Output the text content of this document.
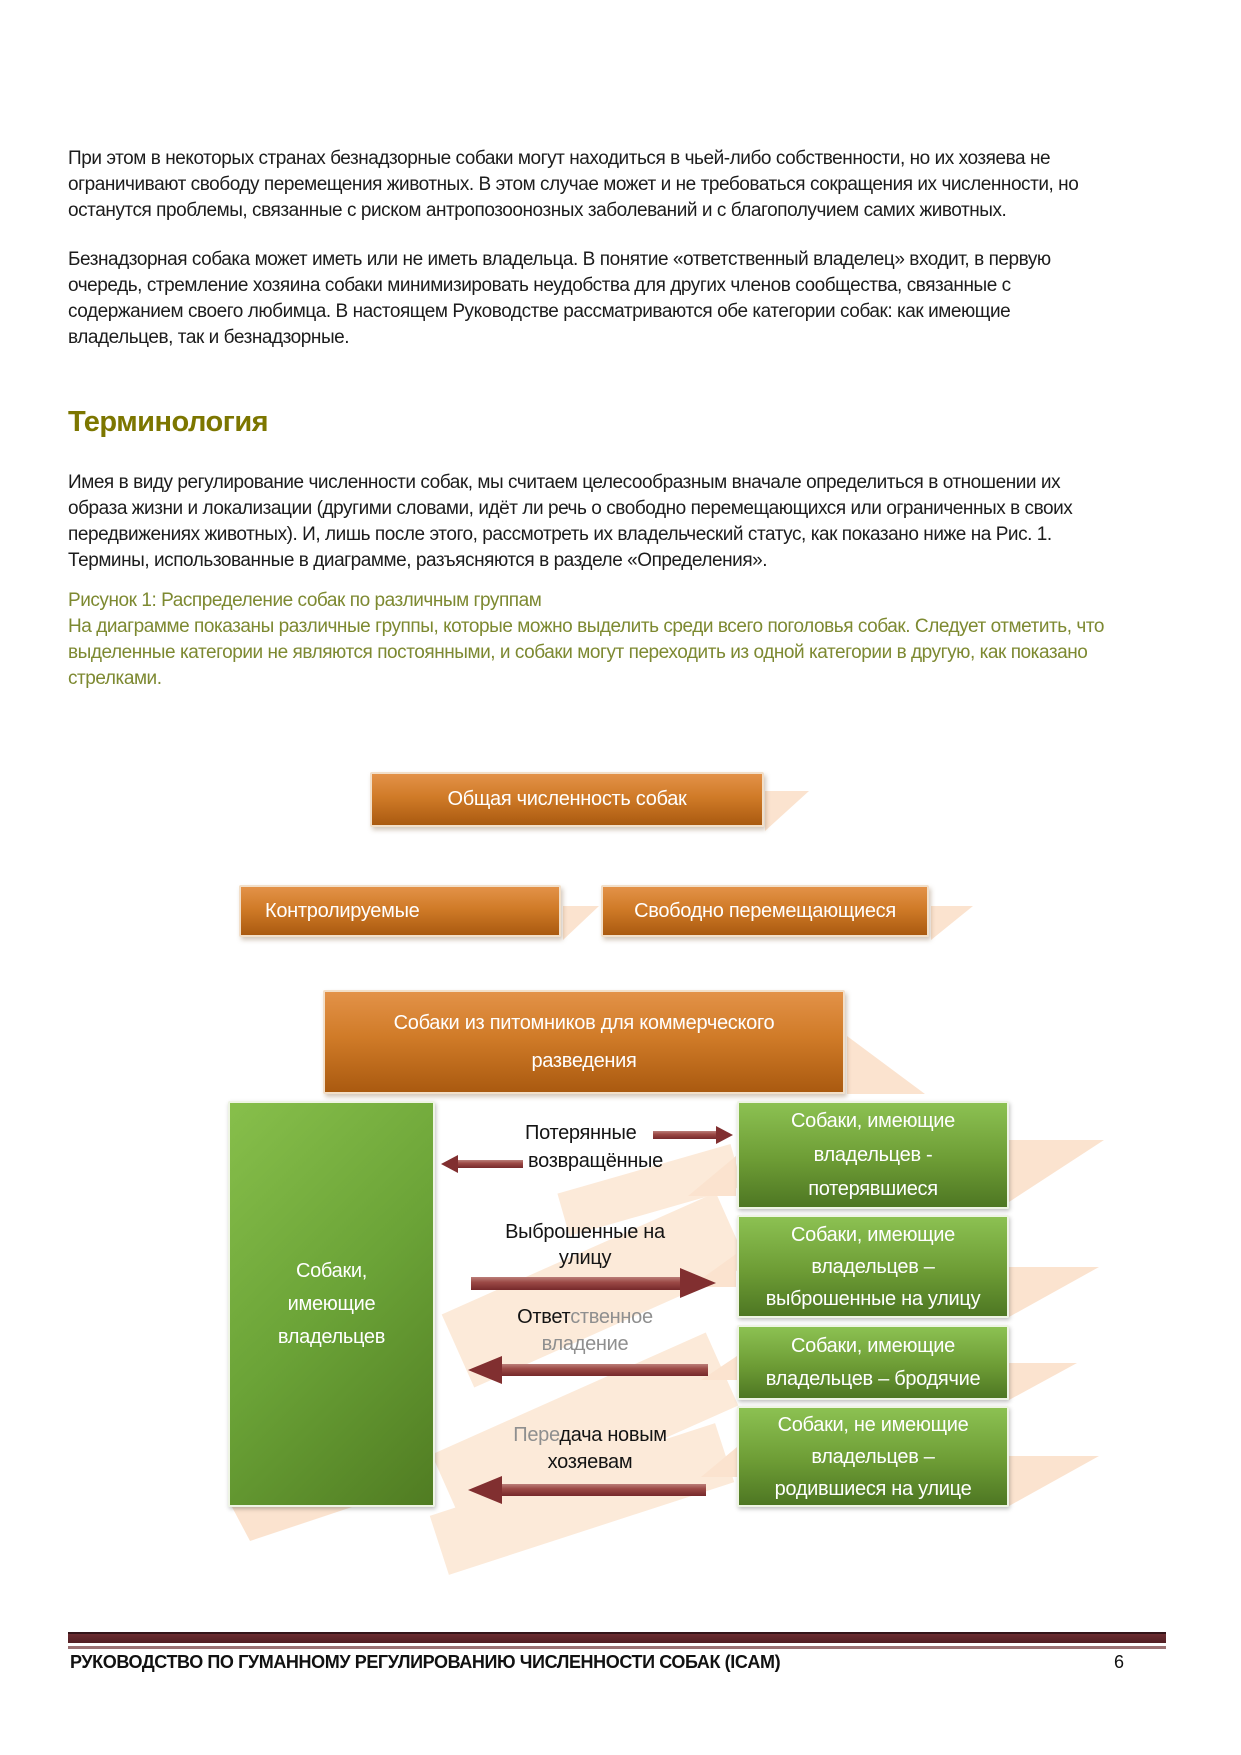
При этом в некоторых странах безнадзорные собаки могут находиться в чьей-либо собственности, но их хозяева не
ограничивают свободу перемещения животных. В этом случае может и не требоваться сокращения их численности, но
останутся проблемы, связанные с риском антропозоонозных заболеваний и с благополучием самих животных.
Безнадзорная собака может иметь или не иметь владельца. В понятие «ответственный владелец» входит, в первую
очередь, стремление хозяина собаки минимизировать неудобства для других членов сообщества, связанные с
содержанием своего любимца. В настоящем Руководстве рассматриваются обе категории собак: как имеющие
владельцев, так и безнадзорные.
Терминология
Имея в виду регулирование численности собак, мы считаем целесообразным вначале определиться в отношении их
образа жизни и локализации (другими словами, идёт ли речь о свободно перемещающихся или ограниченных в своих
передвижениях животных). И, лишь после этого, рассмотреть их владельческий статус, как показано ниже на Рис. 1.
Термины, использованные в диаграмме, разъясняются в разделе «Определения».
Рисунок 1: Распределение собак по различным группам
На диаграмме показаны различные группы, которые можно выделить среди всего поголовья собак. Следует отметить, что
выделенные категории не являются постоянными, и собаки могут переходить из одной категории в другую, как показано
стрелками.
Общая численность собак
Контролируемые	Свободно перемещающиеся
Собаки из питомников для коммерческого
разведения
Собаки,
имеющие
владельцев
Собаки, имеющие
владельцев -
потерявшиеся
Собаки, имеющие
владельцев –
выброшенные на улицу
Собаки, имеющие
владельцев – бродячие
Собаки, не имеющие
владельцев –
родившиеся на улице
Потерянные
возвращённые
Выброшенные на
улицу
Ответственное
владение
Передача новым
хозяевам
РУКОВОДСТВО ПО ГУМАННОМУ РЕГУЛИРОВАНИЮ ЧИСЛЕННОСТИ СОБАК (ICAM)	6
